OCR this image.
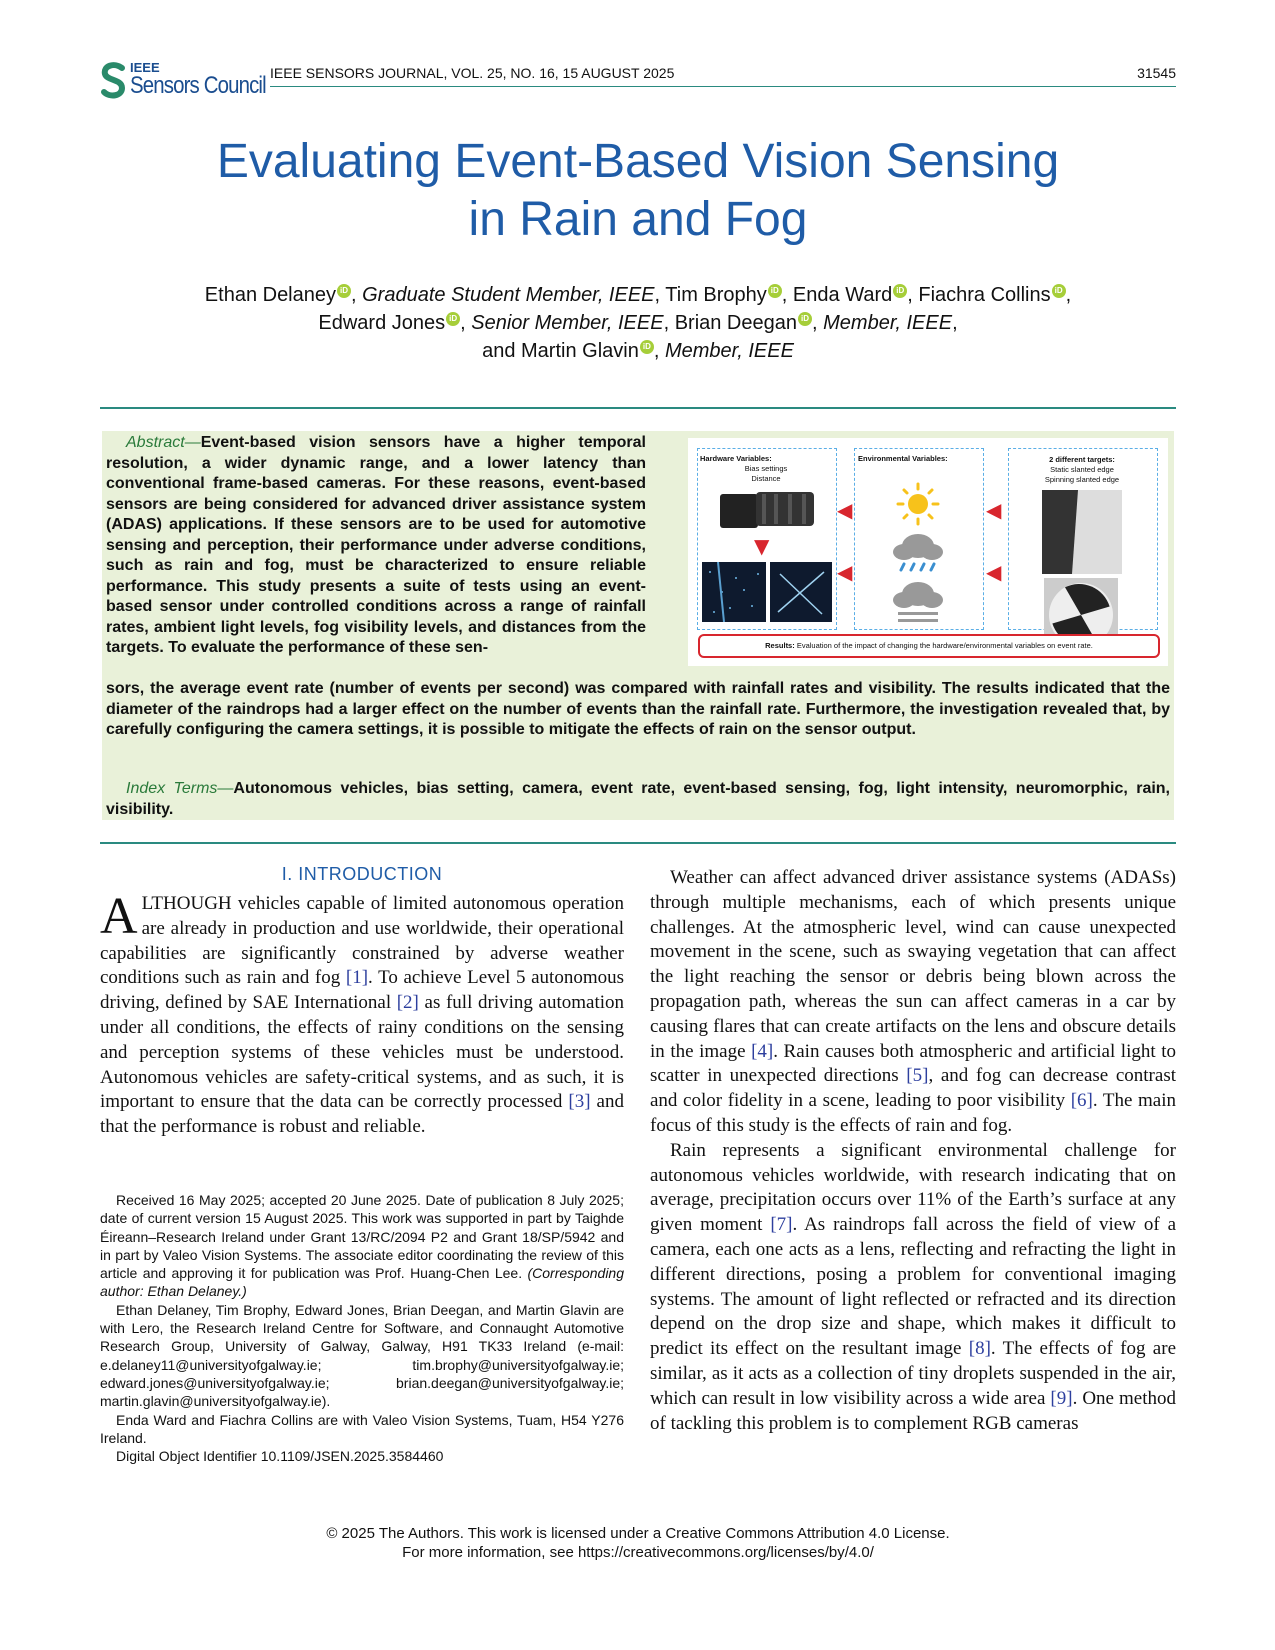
IEEE
Sensors Council IEEE SENSORS JOURNAL, VOL. 25, NO. 16, 15 AUGUST 2025	31545
Evaluating Event-Based Vision Sensing
in Rain and Fog
Ethan Delaney iD , Graduate Student Member, IEEE, Tim Brophy iD , Enda Ward iD , Fiachra Collins iD ,
Edward Jones iD , Senior Member, IEEE, Brian Deegan iD , Member, IEEE,
and Martin Glavin iD , Member, IEEE
Abstract—Event-based vision sensors have a higher temporal resolution, a wider dynamic range, and a lower latency than conventional frame-based cameras. For these reasons, event-based sensors are being considered for advanced driver assistance system (ADAS) applications. If these sensors are to be used for automotive sensing and perception, their performance under adverse conditions, such as rain and fog, must be characterized to ensure reliable performance. This study presents a suite of tests using an event-based sensor under controlled conditions across a range of rainfall rates, ambient light levels, fog visibility levels, and distances from the targets. To evaluate the performance of these sen-
Hardware Variables:
Bias settings
Distance
Environmental Variables:	2 different targets:
Static slanted edge
Spinning slanted edge
▼
◀
◀
◀
◀
Results: Evaluation of the impact of changing the hardware/environmental variables on event rate.
sors, the average event rate (number of events per second) was compared with rainfall rates and visibility. The results indicated that the diameter of the raindrops had a larger effect on the number of events than the rainfall rate. Furthermore, the investigation revealed that, by carefully configuring the camera settings, it is possible to mitigate the effects of rain on the sensor output.
Index Terms—Autonomous vehicles, bias setting, camera, event rate, event-based sensing, fog, light intensity, neuromorphic, rain, visibility.
I. INTRODUCTION
ALTHOUGH vehicles capable of limited autonomous operation are already in production and use worldwide, their operational capabilities are significantly constrained by adverse weather conditions such as rain and fog [1]. To achieve Level 5 autonomous driving, defined by SAE International [2] as full driving automation under all conditions, the effects of rainy conditions on the sensing and perception systems of these vehicles must be understood. Autonomous vehicles are safety-critical systems, and as such, it is important to ensure that the data can be correctly processed [3] and that the performance is robust and reliable.
Received 16 May 2025; accepted 20 June 2025. Date of publication 8 July 2025; date of current version 15 August 2025. This work was supported in part by Taighde Éireann–Research Ireland under Grant 13/RC/2094 P2 and Grant 18/SP/5942 and in part by Valeo Vision Systems. The associate editor coordinating the review of this article and approving it for publication was Prof. Huang-Chen Lee. (Corresponding author: Ethan Delaney.)
Ethan Delaney, Tim Brophy, Edward Jones, Brian Deegan, and Martin Glavin are with Lero, the Research Ireland Centre for Software, and Connaught Automotive Research Group, University of Galway, Galway, H91 TK33 Ireland (e-mail: e.delaney11@universityofgalway.ie; tim.brophy@universityofgalway.ie; edward.jones@universityofgalway.ie; brian.deegan@universityofgalway.ie; martin.glavin@universityofgalway.ie).
Enda Ward and Fiachra Collins are with Valeo Vision Systems, Tuam, H54 Y276 Ireland.
Digital Object Identifier 10.1109/JSEN.2025.3584460
Weather can affect advanced driver assistance systems (ADASs) through multiple mechanisms, each of which presents unique challenges. At the atmospheric level, wind can cause unexpected movement in the scene, such as swaying vegetation that can affect the light reaching the sensor or debris being blown across the propagation path, whereas the sun can affect cameras in a car by causing flares that can create artifacts on the lens and obscure details in the image [4]. Rain causes both atmospheric and artificial light to scatter in unexpected directions [5], and fog can decrease contrast and color fidelity in a scene, leading to poor visibility [6]. The main focus of this study is the effects of rain and fog.
Rain represents a significant environmental challenge for autonomous vehicles worldwide, with research indicating that on average, precipitation occurs over 11% of the Earth’s surface at any given moment [7]. As raindrops fall across the field of view of a camera, each one acts as a lens, reflecting and refracting the light in different directions, posing a problem for conventional imaging systems. The amount of light reflected or refracted and its direction depend on the drop size and shape, which makes it difficult to predict its effect on the resultant image [8]. The effects of fog are similar, as it acts as a collection of tiny droplets suspended in the air, which can result in low visibility across a wide area [9]. One method of tackling this problem is to complement RGB cameras
© 2025 The Authors. This work is licensed under a Creative Commons Attribution 4.0 License.
For more information, see https://creativecommons.org/licenses/by/4.0/
